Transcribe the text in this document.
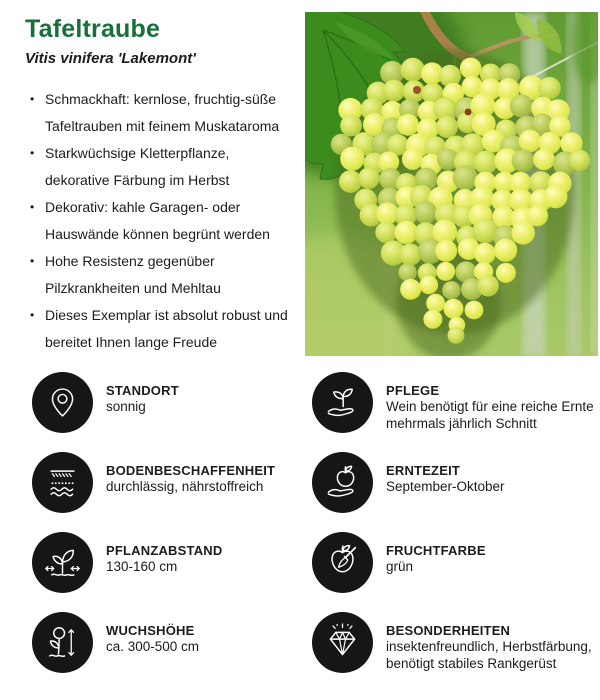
Tafeltraube

Vitis vinifera 'Lakemont'

• Schmackhaft: kernlose, fruchtig-süße Tafeltrauben mit feinem Muskataroma
• Starkwüchsige Kletterpflanze, dekorative Färbung im Herbst
• Dekorativ: kahle Garagen- oder Hauswände können begrünt werden
• Hohe Resistenz gegenüber Pilzkrankheiten und Mehltau
• Dieses Exemplar ist absolut robust und bereitet Ihnen lange Freude
STANDORT
sonnig
PFLEGE
Wein benötigt für eine reiche Ernte mehrmals jährlich Schnitt
BODENBESCHAFFENHEIT
durchlässig, nährstoffreich
ERNTEZEIT
September-Oktober
PFLANZABSTAND
130-160 cm
FRUCHTFARBE
grün
WUCHSHÖHE
ca. 300-500 cm
BESONDERHEITEN
insektenfreundlich, Herbstfärbung, benötigt stabiles Rankgerüst
